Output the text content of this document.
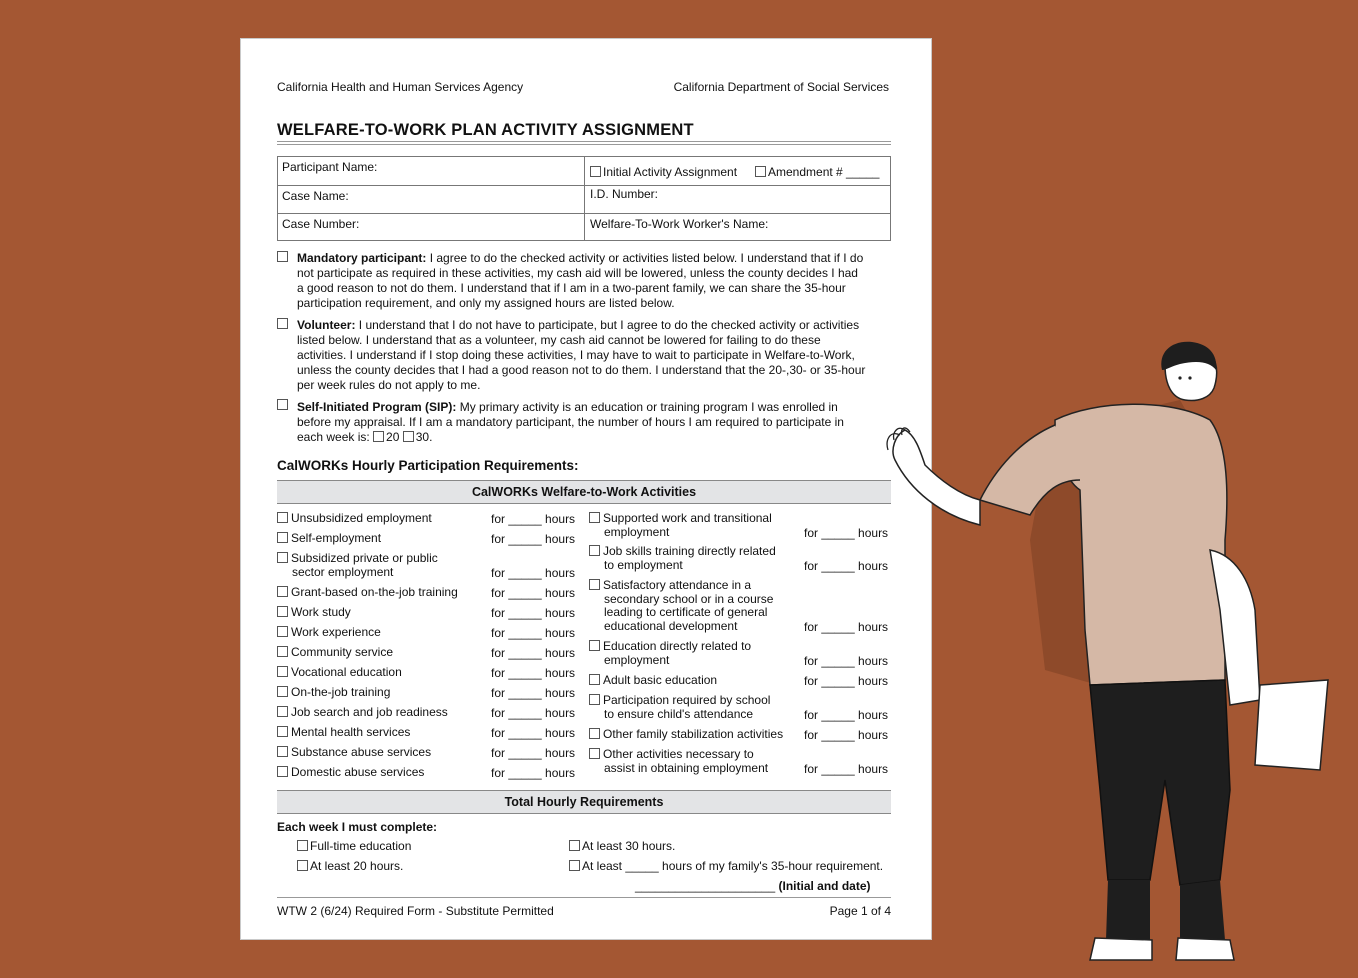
California Health and Human Services Agency	California Department of Social Services
WELFARE-TO-WORK PLAN ACTIVITY ASSIGNMENT
Participant Name:	Initial Activity Assignment	Amendment # _____
Case Name:	I.D. Number:
Case Number:	Welfare-To-Work Worker's Name:
Mandatory participant: I agree to do the checked activity or activities listed below. I understand that if I do
not participate as required in these activities, my cash aid will be lowered, unless the county decides I had
a good reason to not do them. I understand that if I am in a two-parent family, we can share the 35-hour
participation requirement, and only my assigned hours are listed below.
Volunteer: I understand that I do not have to participate, but I agree to do the checked activity or activities
listed below. I understand that as a volunteer, my cash aid cannot be lowered for failing to do these
activities. I understand if I stop doing these activities, I may have to wait to participate in Welfare-to-Work,
unless the county decides that I had a good reason not to do them. I understand that the 20-,30- or 35-hour
per week rules do not apply to me.
Self-Initiated Program (SIP): My primary activity is an education or training program I was enrolled in
before my appraisal. If I am a mandatory participant, the number of hours I am required to participate in
each week is: 20 30.
CalWORKs Hourly Participation Requirements:
CalWORKs Welfare-to-Work Activities
Unsubsidized employment	for _____ hours
Self-employment	for _____ hours
Subsidized private or public
sector employment	for _____ hours
Grant-based on-the-job training	for _____ hours
Work study	for _____ hours
Work experience	for _____ hours
Community service	for _____ hours
Vocational education	for _____ hours
On-the-job training	for _____ hours
Job search and job readiness	for _____ hours
Mental health services	for _____ hours
Substance abuse services	for _____ hours
Domestic abuse services	for _____ hours
Supported work and transitional
employment	for _____ hours
Job skills training directly related
to employment	for _____ hours
Satisfactory attendance in a
secondary school or in a course
leading to certificate of general
educational development	for _____ hours
Education directly related to
employment	for _____ hours
Adult basic education	for _____ hours
Participation required by school
to ensure child's attendance	for _____ hours
Other family stabilization activities for _____ hours
Other activities necessary to
assist in obtaining employment	for _____ hours
Total Hourly Requirements
Each week I must complete:
Full-time education
At least 20 hours.
At least 30 hours.
At least _____ hours of my family's 35-hour requirement.
_____________________ (Initial and date)
WTW 2 (6/24) Required Form - Substitute Permitted	Page 1 of 4
